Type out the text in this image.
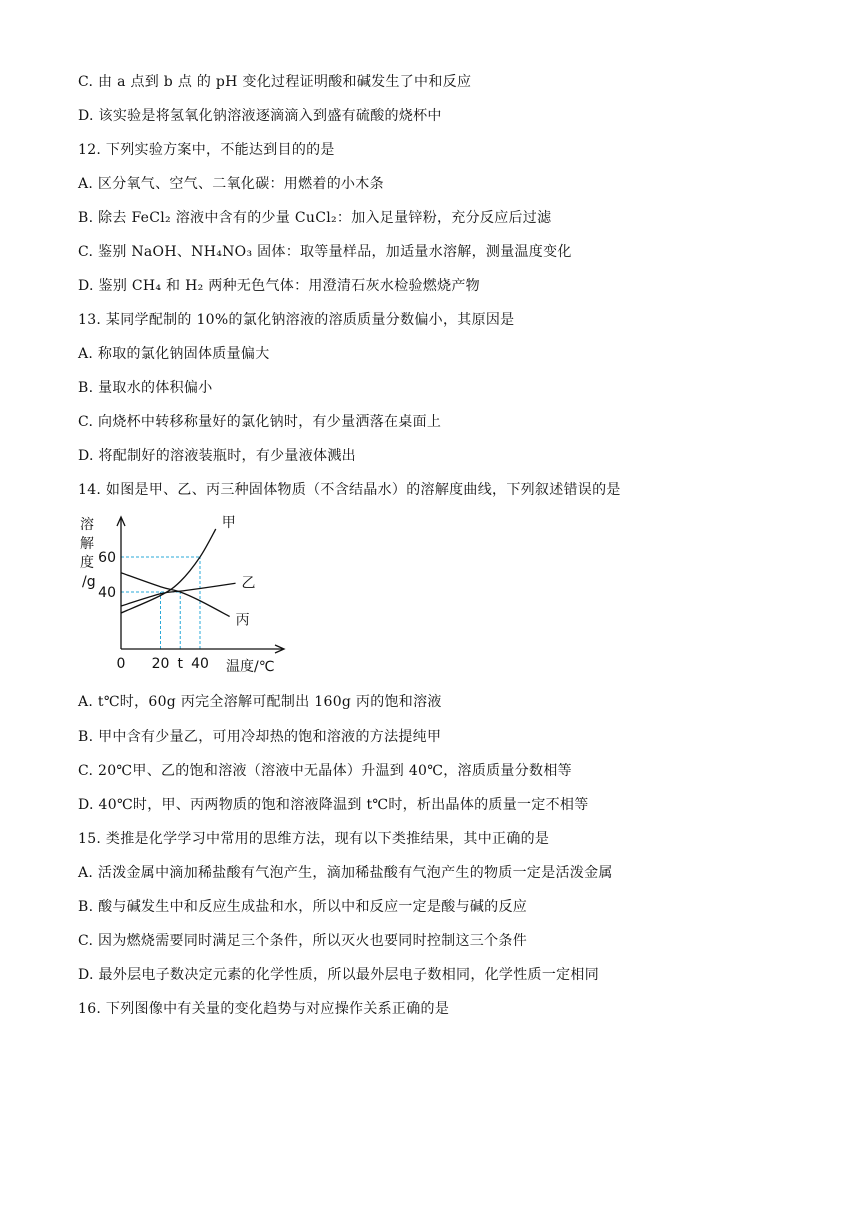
C. 由 a 点到 b 点 的 pH 变化过程证明酸和碱发生了中和反应
D. 该实验是将氢氧化钠溶液逐滴滴入到盛有硫酸的烧杯中
12. 下列实验方案中，不能达到目的的是
A. 区分氧气、空气、二氧化碳：用燃着的小木条
B. 除去 FeCl₂ 溶液中含有的少量 CuCl₂：加入足量锌粉，充分反应后过滤
C. 鉴别 NaOH、NH₄NO₃ 固体：取等量样品，加适量水溶解，测量温度变化
D. 鉴别 CH₄ 和 H₂ 两种无色气体：用澄清石灰水检验燃烧产物
13. 某同学配制的 10%的氯化钠溶液的溶质质量分数偏小，其原因是
A. 称取的氯化钠固体质量偏大
B. 量取水的体积偏小
C. 向烧杯中转移称量好的氯化钠时，有少量洒落在桌面上
D. 将配制好的溶液装瓶时，有少量液体溅出
14. 如图是甲、乙、丙三种固体物质（不含结晶水）的溶解度曲线，下列叙述错误的是
A. t℃时，60g 丙完全溶解可配制出 160g 丙的饱和溶液
B. 甲中含有少量乙，可用冷却热的饱和溶液的方法提纯甲
C. 20℃甲、乙的饱和溶液（溶液中无晶体）升温到 40℃，溶质质量分数相等
D. 40℃时，甲、丙两物质的饱和溶液降温到 t℃时，析出晶体的质量一定不相等
15. 类推是化学学习中常用的思维方法，现有以下类推结果，其中正确的是
A. 活泼金属中滴加稀盐酸有气泡产生，滴加稀盐酸有气泡产生的物质一定是活泼金属
B. 酸与碱发生中和反应生成盐和水，所以中和反应一定是酸与碱的反应
C. 因为燃烧需要同时满足三个条件，所以灭火也要同时控制这三个条件
D. 最外层电子数决定元素的化学性质，所以最外层电子数相同，化学性质一定相同
16. 下列图像中有关量的变化趋势与对应操作关系正确的是
甲
乙
丙
溶
解
度
/g
60
40
0 20 t 40 温度/℃
